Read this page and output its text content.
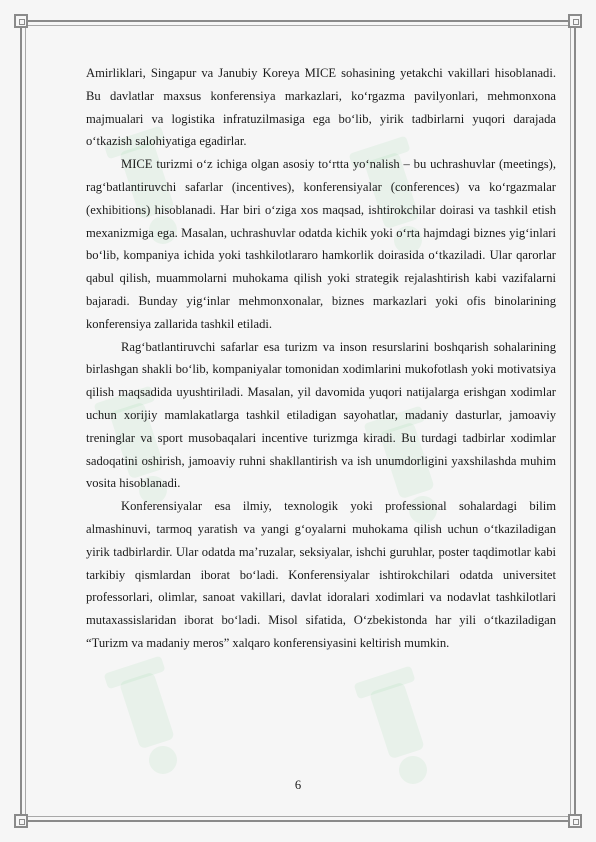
Amirliklari, Singapur va Janubiy Koreya MICE sohasining yetakchi vakillari hisoblanadi. Bu davlatlar maxsus konferensiya markazlari, ko‘rgazma pavilyonlari, mehmonxona majmualari va logistika infratuzilmasiga ega bo‘lib, yirik tadbirlarni yuqori darajada o‘tkazish salohiyatiga egadirlar.

MICE turizmi o‘z ichiga olgan asosiy to‘rtta yo‘nalish – bu uchrashuvlar (meetings), rag‘batlantiruvchi safarlar (incentives), konferensiyalar (conferences) va ko‘rgazmalar (exhibitions) hisoblanadi. Har biri o‘ziga xos maqsad, ishtirokchilar doirasi va tashkil etish mexanizmiga ega. Masalan, uchrashuvlar odatda kichik yoki o‘rta hajmdagi biznes yig‘inlari bo‘lib, kompaniya ichida yoki tashkilotlararo hamkorlik doirasida o‘tkaziladi. Ular qarorlar qabul qilish, muammolarni muhokama qilish yoki strategik rejalashtirish kabi vazifalarni bajaradi. Bunday yig‘inlar mehmonxonalar, biznes markazlari yoki ofis binolarining konferensiya zallarida tashkil etiladi.

Rag‘batlantiruvchi safarlar esa turizm va inson resurslarini boshqarish sohalarining birlashgan shakli bo‘lib, kompaniyalar tomonidan xodimlarini mukofotlash yoki motivatsiya qilish maqsadida uyushtiriladi. Masalan, yil davomida yuqori natijalarga erishgan xodimlar uchun xorijiy mamlakatlarga tashkil etiladigan sayohatlar, madaniy dasturlar, jamoaviy treninglar va sport musobaqalari incentive turizmga kiradi. Bu turdagi tadbirlar xodimlar sadoqatini oshirish, jamoaviy ruhni shakllantirish va ish unumdorligini yaxshilashda muhim vosita hisoblanadi.

Konferensiyalar esa ilmiy, texnologik yoki professional sohalardagi bilim almashinuvi, tarmoq yaratish va yangi g‘oyalarni muhokama qilish uchun o‘tkaziladigan yirik tadbirlardir. Ular odatda ma’ruzalar, seksiyalar, ishchi guruhlar, poster taqdimotlar kabi tarkibiy qismlardan iborat bo‘ladi. Konferensiyalar ishtirokchilari odatda universitet professorlari, olimlar, sanoat vakillari, davlat idoralari xodimlari va nodavlat tashkilotlari mutaxassislaridan iborat bo‘ladi. Misol sifatida, O‘zbekistonda har yili o‘tkaziladigan “Turizm va madaniy meros” xalqaro konferensiyasini keltirish mumkin.

6
